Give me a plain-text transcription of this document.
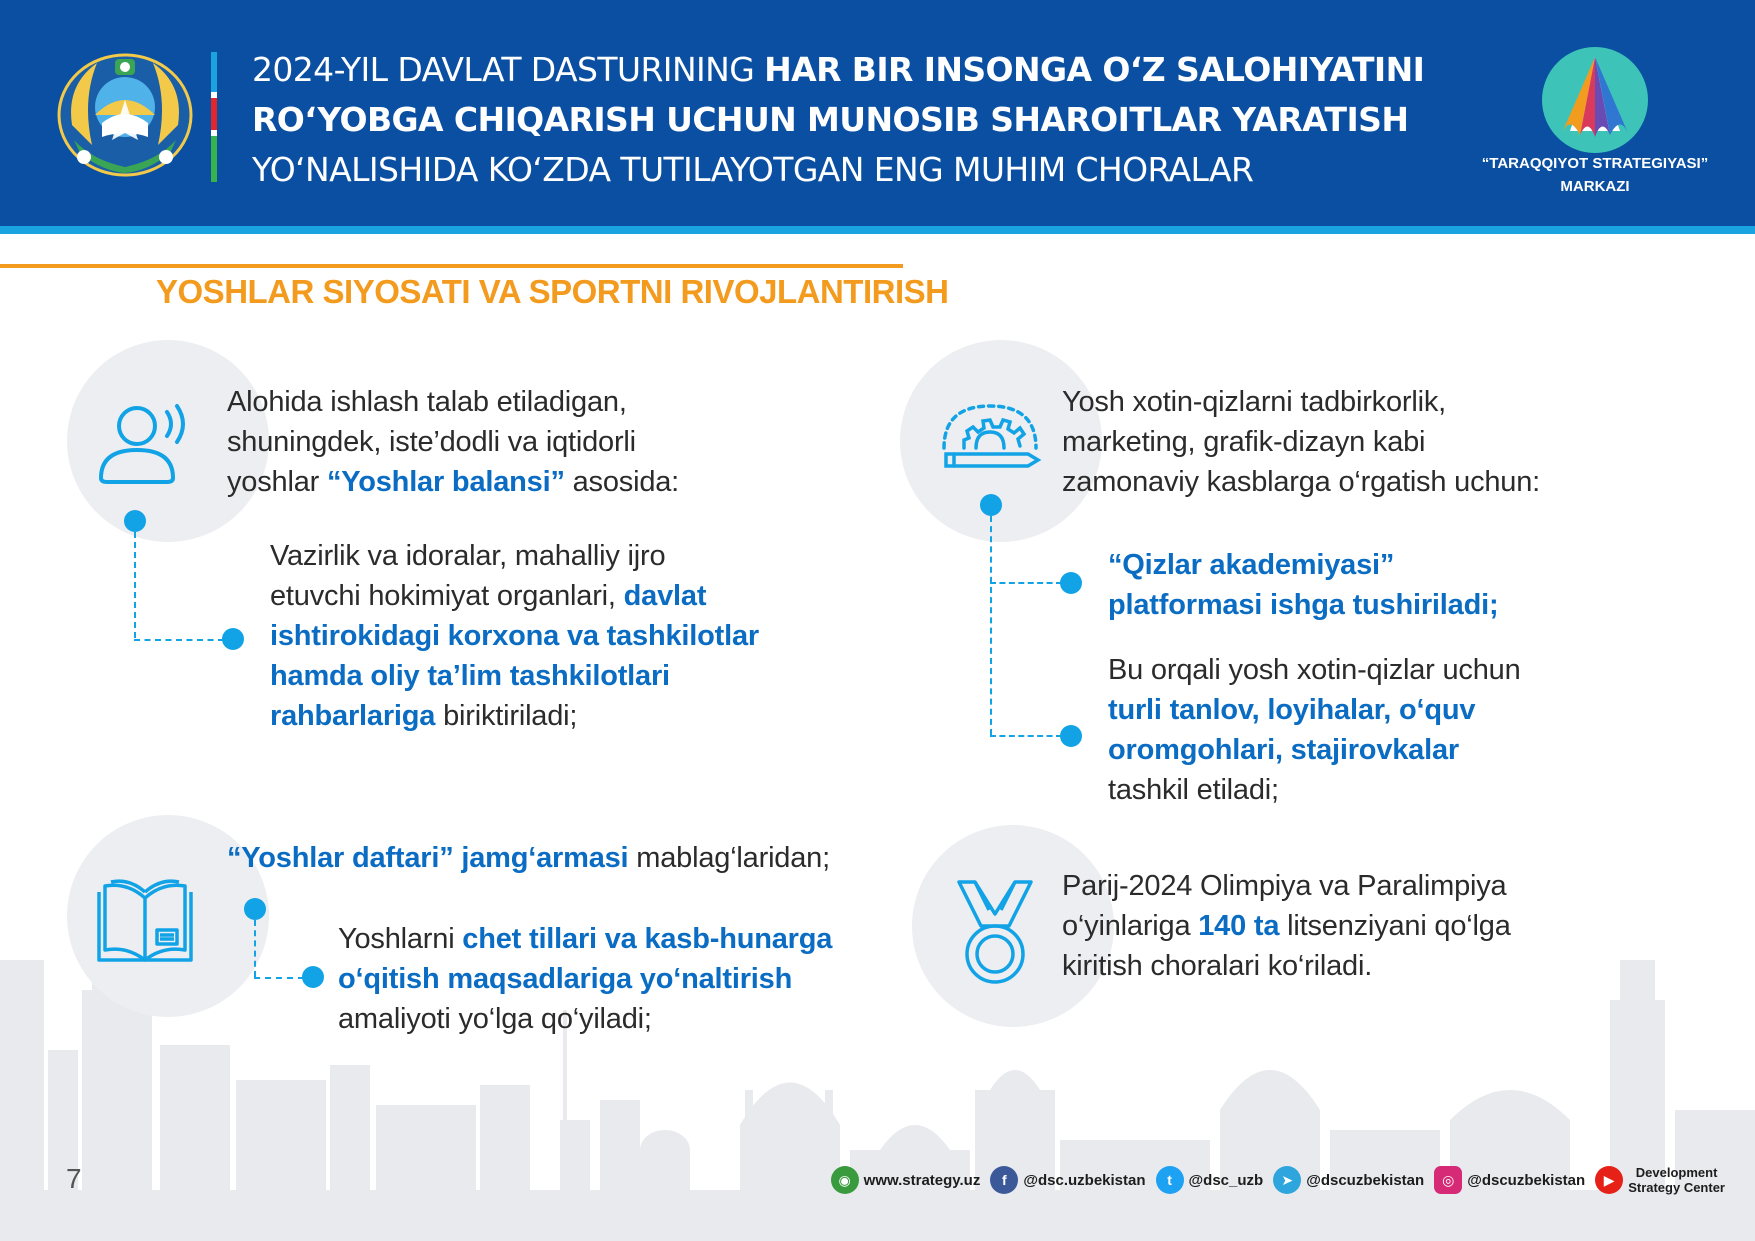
2024-YIL DAVLAT DASTURINING HAR BIR INSONGA O‘Z SALOHIYATINI
RO‘YOBGA CHIQARISH UCHUN MUNOSIB SHAROITLAR YARATISH
YO‘NALISHIDA KO‘ZDA TUTILAYOTGAN ENG MUHIM CHORALAR	“TARAQQIYOT STRATEGIYASI”
MARKAZI
YOSHLAR SIYOSATI VA SPORTNI RIVOJLANTIRISH
Alohida ishlash talab etiladigan,
shuningdek, iste’dodli va iqtidorli
yoshlar “Yoshlar balansi” asosida:
Vazirlik va idoralar, mahalliy ijro
etuvchi hokimiyat organlari, davlat
ishtirokidagi korxona va tashkilotlar
hamda oliy ta’lim tashkilotlari
rahbarlariga biriktiriladi;
Yosh xotin-qizlarni tadbirkorlik,
marketing, grafik-dizayn kabi
zamonaviy kasblarga o‘rgatish uchun:
“Qizlar akademiyasi”
platformasi ishga tushiriladi;
Bu orqali yosh xotin-qizlar uchun
turli tanlov, loyihalar, o‘quv
oromgohlari, stajirovkalar
tashkil etiladi;
“Yoshlar daftari” jamg‘armasi mablag‘laridan;
Yoshlarni chet tillari va kasb-hunarga
o‘qitish maqsadlariga yo‘naltirish
amaliyoti yo‘lga qo‘yiladi;
Parij-2024 Olimpiya va Paralimpiya
o‘yinlariga 140 ta litsenziyani qo‘lga
kiritish choralari ko‘riladi.
7	◉ www.strategy.uz	f	@dsc.uzbekistan	t	@dsc_uzb	➤ @dscuzbekistan	◎ @dscuzbekistan	▶	Development
Strategy Center
